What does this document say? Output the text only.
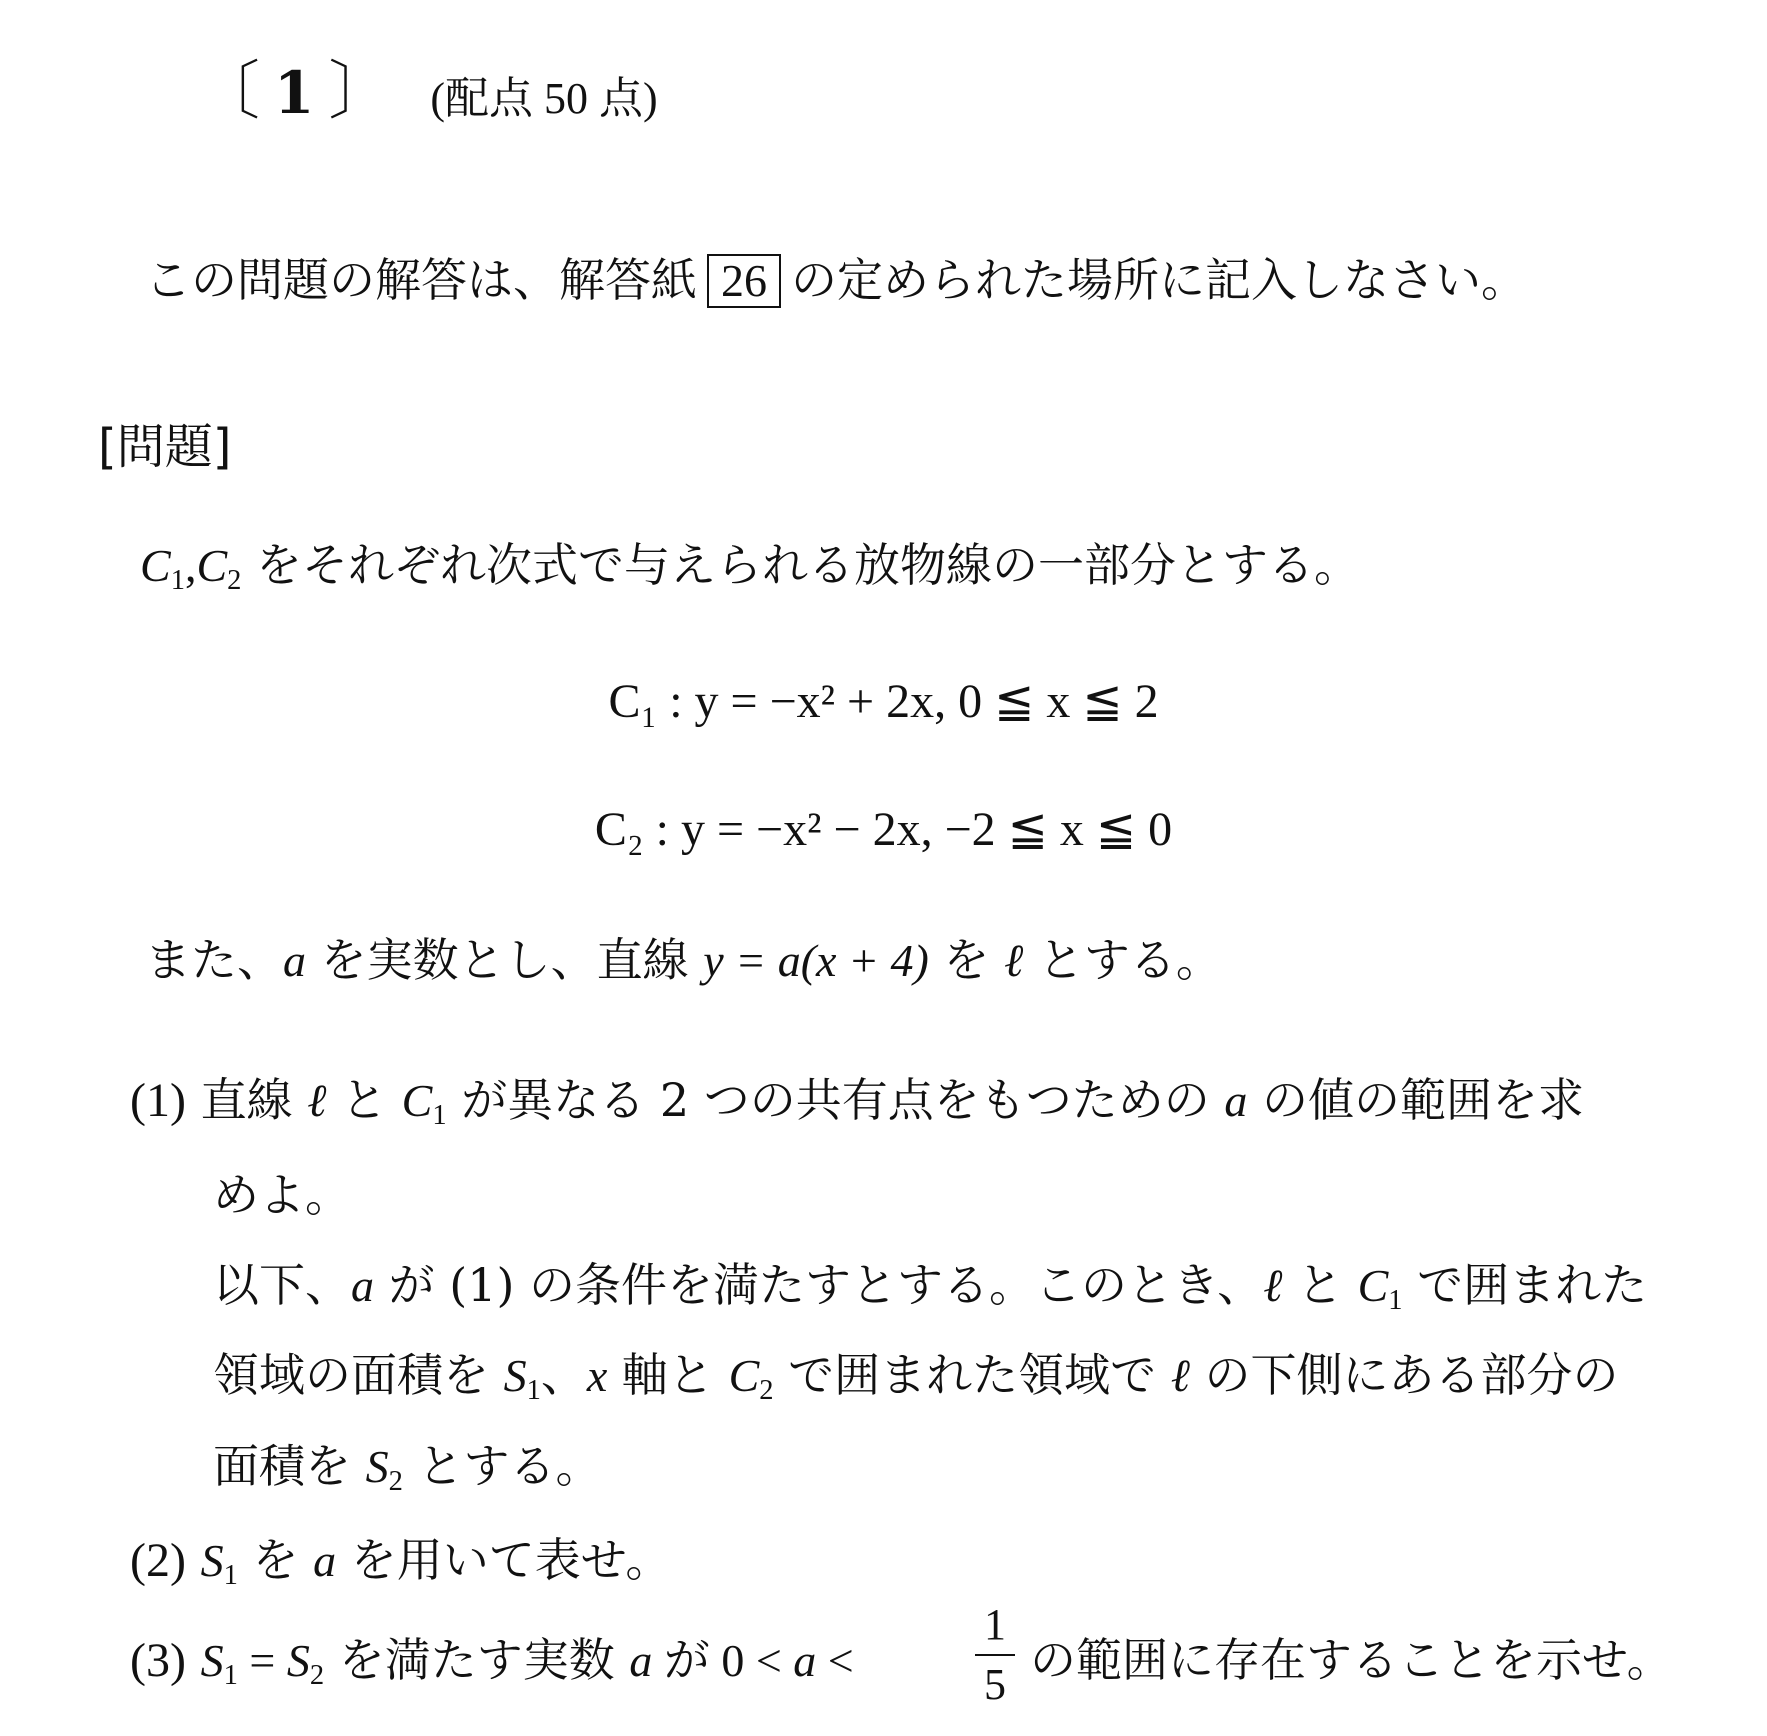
〔 1 〕 (配点 50 点)
この問題の解答は、解答紙 26 の定められた場所に記入しなさい。
[問題]
$C_1,C_2$ をそれぞれ次式で与えられる放物線の一部分とする。
C₁ : y = −x² + 2x, 0 ≦ x ≦ 2
C₂ : y = −x² − 2x, −2 ≦ x ≦ 0
また、a を実数とし、直線 y = a(x + 4) を ℓ とする。
(1) 直線 ℓ と $C_1$ が異なる 2 つの共有点をもつための a の値の範囲を求
めよ。
以下、a が (1) の条件を満たすとする。このとき、ℓ と $C_1$ で囲まれた
領域の面積を $S_1$、x 軸と $C_2$ で囲まれた領域で ℓ の下側にある部分の
面積を $S_2$ とする。
(2) $S_1$ を a を用いて表せ。
(3) $S_1 = S_2$ を満たす実数 a が 0 < a <
1
5 の範囲に存在することを示せ。
